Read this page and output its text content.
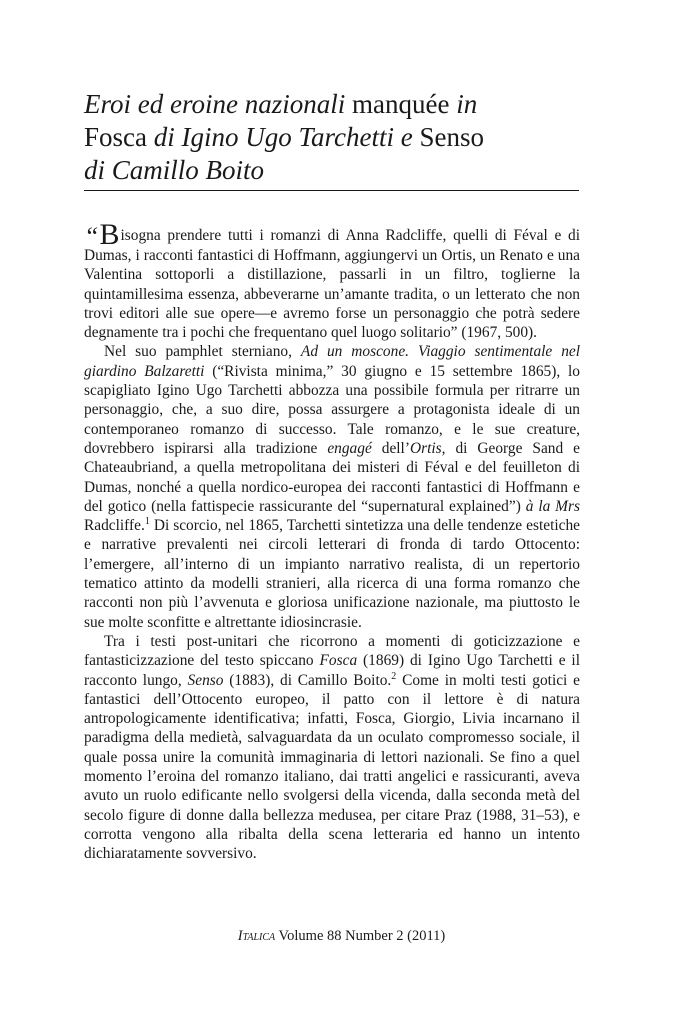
Eroi ed eroine nazionali manquée in
Fosca di Igino Ugo Tarchetti e Senso
di Camillo Boito

“Bisogna prendere tutti i romanzi di Anna Radcliffe, quelli di Féval e di Dumas, i racconti fantastici di Hoffmann, aggiungervi un Ortis, un Renato e una Valentina sottoporli a distillazione, passarli in un filtro, toglierne la quintamillesima essenza, abbeverarne un’amante tradita, o un letterato che non trovi editori alle sue opere—e avremo forse un personaggio che potrà sedere degnamente tra i pochi che frequentano quel luogo solitario” (1967, 500).

Nel suo pamphlet sterniano, Ad un moscone. Viaggio sentimentale nel giardino Balzaretti (“Rivista minima,” 30 giugno e 15 settembre 1865), lo scapigliato Igino Ugo Tarchetti abbozza una possibile formula per ritrarre un personaggio, che, a suo dire, possa assurgere a protagonista ideale di un contemporaneo romanzo di successo. Tale romanzo, e le sue creature, dovrebbero ispirarsi alla tradizione engagé dell’Ortis, di George Sand e Chateaubriand, a quella metropolitana dei misteri di Féval e del feuilleton di Dumas, nonché a quella nordico-europea dei racconti fantastici di Hoffmann e del gotico (nella fattispecie rassicurante del “supernatural explained”) à la Mrs Radcliffe.$^1$ Di scorcio, nel 1865, Tarchetti sintetizza una delle tendenze estetiche e narrative prevalenti nei circoli letterari di fronda di tardo Ottocento: l’emergere, all’interno di un impianto narrativo realista, di un repertorio tematico attinto da modelli stranieri, alla ricerca di una forma romanzo che racconti non più l’avvenuta e gloriosa unificazione nazionale, ma piuttosto le sue molte sconfitte e altrettante idiosincrasie.

Tra i testi post-unitari che ricorrono a momenti di goticizzazione e fantasticizzazione del testo spiccano Fosca (1869) di Igino Ugo Tarchetti e il racconto lungo, Senso (1883), di Camillo Boito.$^2$ Come in molti testi gotici e fantastici dell’Ottocento europeo, il patto con il lettore è di natura antropologicamente identificativa; infatti, Fosca, Giorgio, Livia incarnano il paradigma della medietà, salvaguardata da un oculato compromesso sociale, il quale possa unire la comunità immaginaria di lettori nazionali. Se fino a quel momento l’eroina del romanzo italiano, dai tratti angelici e rassicuranti, aveva avuto un ruolo edificante nello svolgersi della vicenda, dalla seconda metà del secolo figure di donne dalla bellezza medusea, per citare Praz (1988, 31–53), e corrotta vengono alla ribalta della scena letteraria ed hanno un intento dichiaratamente sovversivo.

Italica Volume 88 Number 2 (2011)
